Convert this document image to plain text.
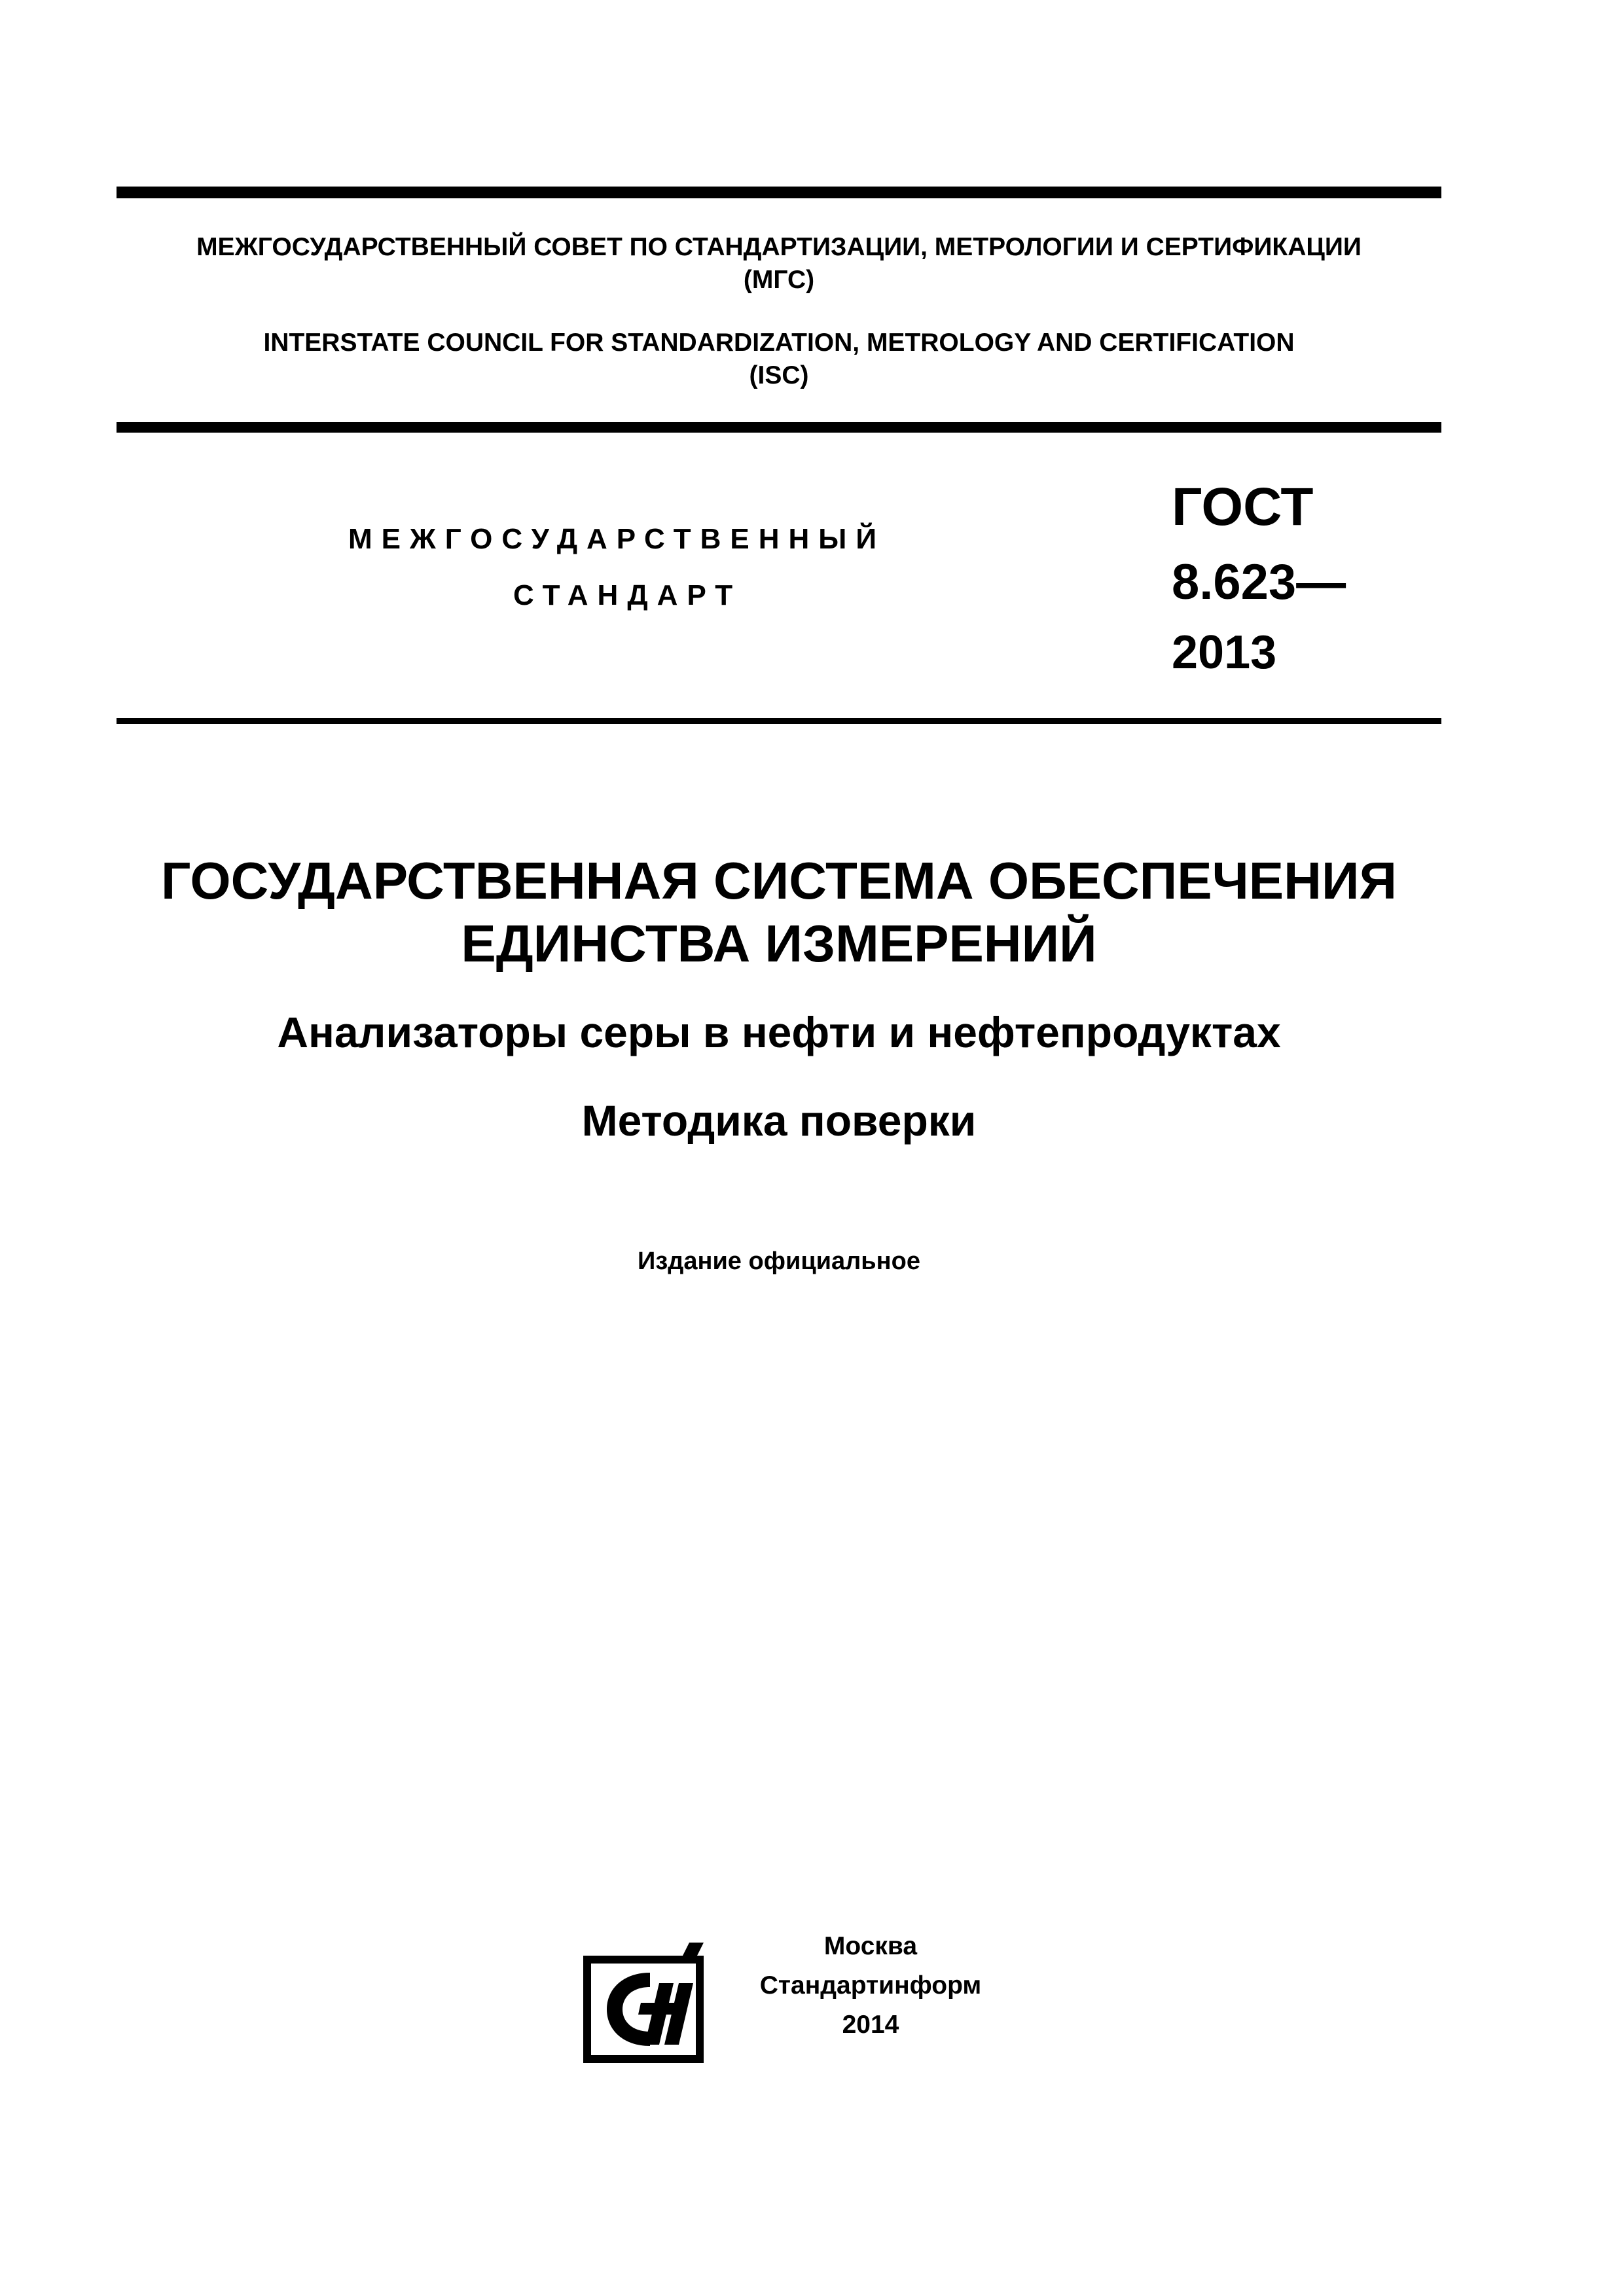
МЕЖГОСУДАРСТВЕННЫЙ СОВЕТ ПО СТАНДАРТИЗАЦИИ, МЕТРОЛОГИИ И СЕРТИФИКАЦИИ
(МГС)
INTERSTATE COUNCIL FOR STANDARDIZATION, METROLOGY AND CERTIFICATION
(ISC)
МЕЖГОСУДАРСТВЕННЫЙ
СТАНДАРТ
ГОСТ
8.623—
2013
ГОСУДАРСТВЕННАЯ СИСТЕМА ОБЕСПЕЧЕНИЯ
ЕДИНСТВА ИЗМЕРЕНИЙ
Анализаторы серы в нефти и нефтепродуктах
Методика поверки
Издание официальное
Москва
Стандартинформ
2014
